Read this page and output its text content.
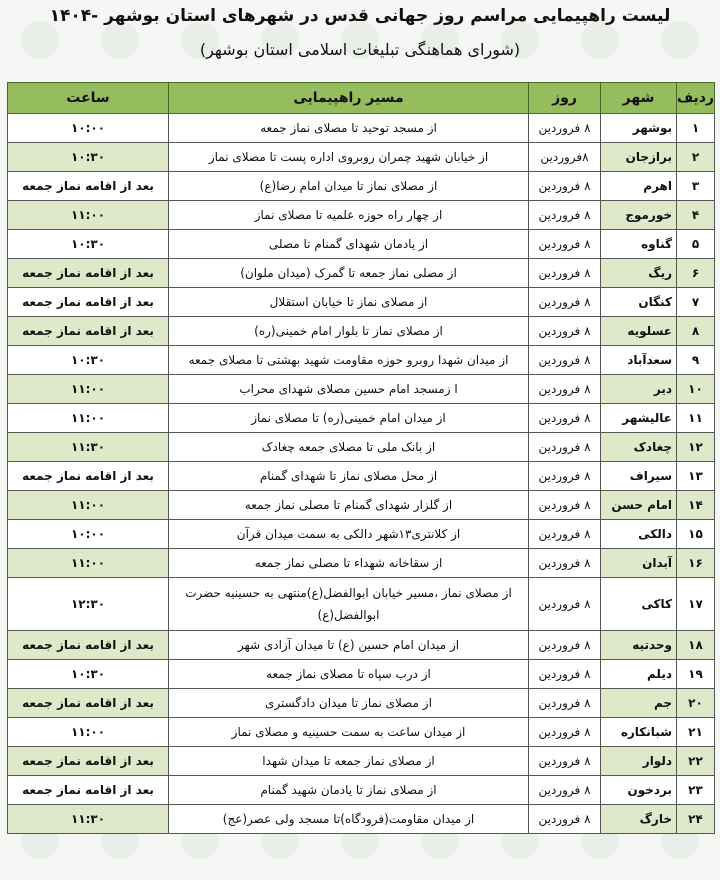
لیست راهپیمایی مراسم روز جهانی قدس در شهرهای استان بوشهر -۱۴۰۴
(شورای هماهنگی تبلیغات اسلامی استان بوشهر)
ردیف	شهر	روز	مسیر راهپیمایی	ساعت
۱	بوشهر	۸ فروردین	از مسجد توحید تا مصلای نماز جمعه	۱۰:۰۰
۲	برازجان	۸فروردین	از خیابان شهید چمران روبروی اداره پست تا مصلای نماز	۱۰:۳۰
۳	اهرم	۸ فروردین	از مصلای نماز تا میدان امام رضا(ع)	بعد از اقامه نماز جمعه
۴	خورموج	۸ فروردین	از چهار راه حوزه علمیه تا مصلای نماز	۱۱:۰۰
۵	گناوه	۸ فروردین	از یادمان شهدای گمنام تا مصلی	۱۰:۳۰
۶	ریگ	۸ فروردین	از مصلی نماز جمعه تا گمرک (میدان ملوان)	بعد از اقامه نماز جمعه
۷	کنگان	۸ فروردین	از مصلای نماز تا خیابان استقلال	بعد از اقامه نماز جمعه
۸	عسلویه	۸ فروردین	از مصلای نماز تا بلوار امام خمینی(ره)	بعد از اقامه نماز جمعه
۹	سعدآباد	۸ فروردین	از میدان شهدا روبرو حوزه مقاومت شهید بهشتی تا مصلای جمعه	۱۰:۳۰
۱۰	دیر	۸ فروردین	ا زمسجد امام حسین مصلای شهدای محراب	۱۱:۰۰
۱۱	عالیشهر	۸ فروردین	از میدان امام خمینی(ره) تا مصلای نماز	۱۱:۰۰
۱۲	چغادک	۸ فروردین	از بانک ملی تا مصلای جمعه چغادک	۱۱:۳۰
۱۳	سیراف	۸ فروردین	از محل مصلای نماز تا شهدای گمنام	بعد از اقامه نماز جمعه
۱۴	امام حسن	۸ فروردین	از گلزار شهدای گمنام تا مصلی نماز جمعه	۱۱:۰۰
۱۵	دالکی	۸ فروردین	از کلانتری۱۳شهر دالکی به سمت میدان قرآن	۱۰:۰۰
۱۶	آبدان	۸ فروردین	از سقاخانه شهداء تا مصلی نماز جمعه	۱۱:۰۰
۱۷	کاکی	۸ فروردین	از مصلای نماز ،مسیر خیابان ابوالفضل(ع)منتهی به حسینیه حضرت ابوالفضل(ع)	۱۲:۳۰
۱۸	وحدتیه	۸ فروردین	از میدان امام حسین (ع) تا میدان آزادی شهر	بعد از اقامه نماز جمعه
۱۹	دیلم	۸ فروردین	از درب سپاه تا مصلای نماز جمعه	۱۰:۳۰
۲۰	جم	۸ فروردین	از مصلای نماز تا میدان دادگستری	بعد از اقامه نماز جمعه
۲۱	شبانکاره	۸ فروردین	از میدان ساعت به سمت حسینیه و مصلای نماز	۱۱:۰۰
۲۲	دلوار	۸ فروردین	از مصلای نماز جمعه تا میدان شهدا	بعد از اقامه نماز جمعه
۲۳	بردخون	۸ فروردین	از مصلای نماز تا یادمان شهید گمنام	بعد از اقامه نماز جمعه
۲۴	خارگ	۸ فروردین	از میدان مقاومت(فرودگاه)تا مسجد ولی عصر(عج)	۱۱:۳۰
